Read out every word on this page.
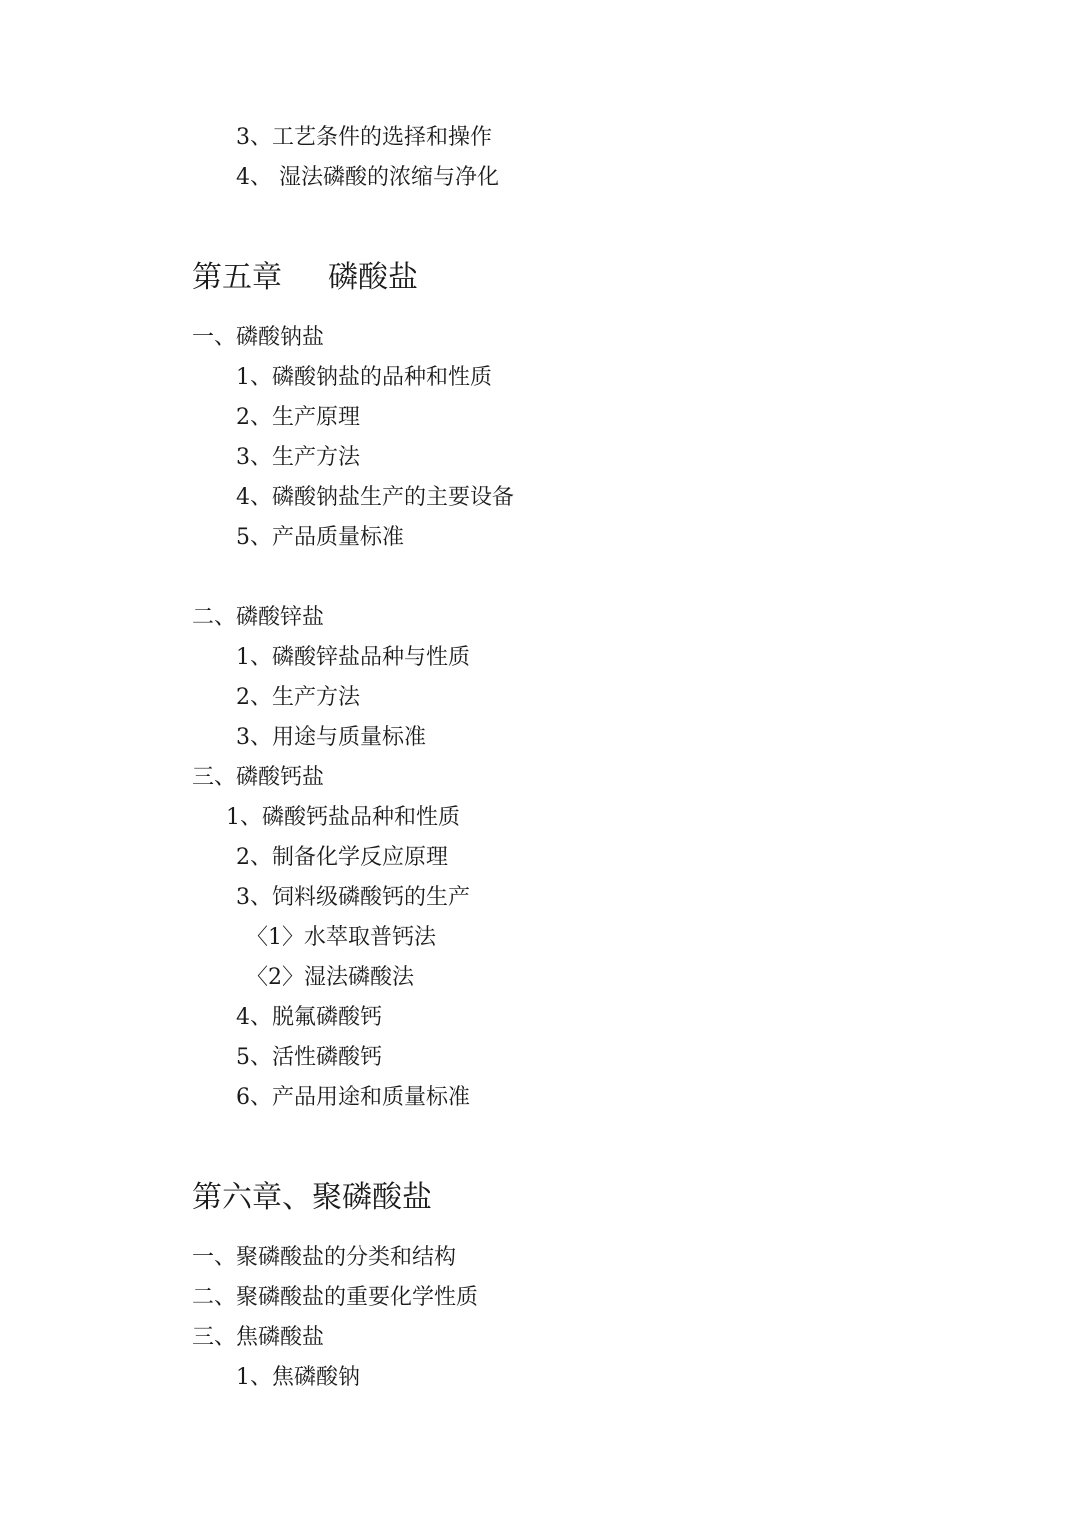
3、工艺条件的选择和操作
4、 湿法磷酸的浓缩与净化
第五章 磷酸盐
一、磷酸钠盐
1、磷酸钠盐的品种和性质
2、生产原理
3、生产方法
4、磷酸钠盐生产的主要设备
5、产品质量标准
二、磷酸锌盐
1、磷酸锌盐品种与性质
2、生产方法
3、用途与质量标准
三、磷酸钙盐
1、磷酸钙盐品种和性质
2、制备化学反应原理
3、饲料级磷酸钙的生产
〈1〉水萃取普钙法
〈2〉湿法磷酸法
4、脱氟磷酸钙
5、活性磷酸钙
6、产品用途和质量标准
第六章、聚磷酸盐
一、聚磷酸盐的分类和结构
二、聚磷酸盐的重要化学性质
三、焦磷酸盐
1、焦磷酸钠
